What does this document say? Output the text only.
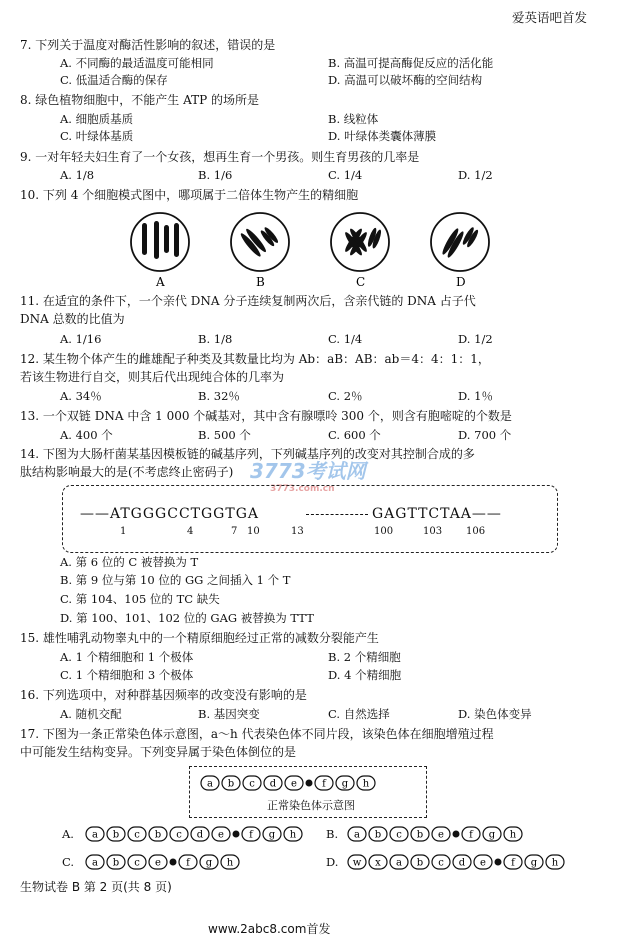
爱英语吧首发
7. 下列关于温度对酶活性影响的叙述，错误的是
A. 不同酶的最适温度可能相同	B. 高温可提高酶促反应的活化能
C. 低温适合酶的保存	D. 高温可以破坏酶的空间结构
8. 绿色植物细胞中，不能产生 ATP 的场所是
A. 细胞质基质	B. 线粒体
C. 叶绿体基质	D. 叶绿体类囊体薄膜
9. 一对年轻夫妇生育了一个女孩，想再生育一个男孩。则生育男孩的几率是
A. 1/8	B. 1/6	C. 1/4	D. 1/2
10. 下列 4 个细胞模式图中，哪项属于二倍体生物产生的精细胞
A	B	C	D
11. 在适宜的条件下，一个亲代 DNA 分子连续复制两次后，含亲代链的 DNA 占子代
DNA 总数的比值为
A. 1/16	B. 1/8	C. 1/4	D. 1/2
12. 某生物个体产生的雌雄配子种类及其数量比均为 Ab：aB：AB：ab＝4：4：1：1，
若该生物进行自交，则其后代出现纯合体的几率为
A. 34％	B. 32％	C. 2％	D. 1％
13. 一个双链 DNA 中含 1 000 个碱基对，其中含有腺嘌呤 300 个，则含有胞嘧啶的个数是
A. 400 个	B. 500 个	C. 600 个	D. 700 个
14. 下图为大肠杆菌某基因模板链的碱基序列，下列碱基序列的改变对其控制合成的多
肽结构影响最大的是(不考虑终止密码子) 3773考试网
3773.com.cn
——ATGGGCCTGGTGA	GAGTTCTAA——
1	4	7 10	13	100	103 106
A. 第 6 位的 C 被替换为 T
B. 第 9 位与第 10 位的 GG 之间插入 1 个 T
C. 第 104、105 位的 TC 缺失
D. 第 100、101、102 位的 GAG 被替换为 TTT
15. 雄性哺乳动物睾丸中的一个精原细胞经过正常的减数分裂能产生
A. 1 个精细胞和 1 个极体	B. 2 个精细胞
C. 1 个精细胞和 3 个极体	D. 4 个精细胞
16. 下列选项中，对种群基因频率的改变没有影响的是
A. 随机交配	B. 基因突变	C. 自然选择	D. 染色体变异
17. 下图为一条正常染色体示意图，a～h 代表染色体不同片段，该染色体在细胞增殖过程
中可能发生结构变异。下列变异属于染色体倒位的是
a b c d e	f g h
正常染色体示意图
A. a b c b c d e	f g h	B. a b c b e	f g h
C. a b c e	f g h	D. w x a b c d e	f g h
生物试卷 B 第 2 页(共 8 页)
www.2abc8.com首发
